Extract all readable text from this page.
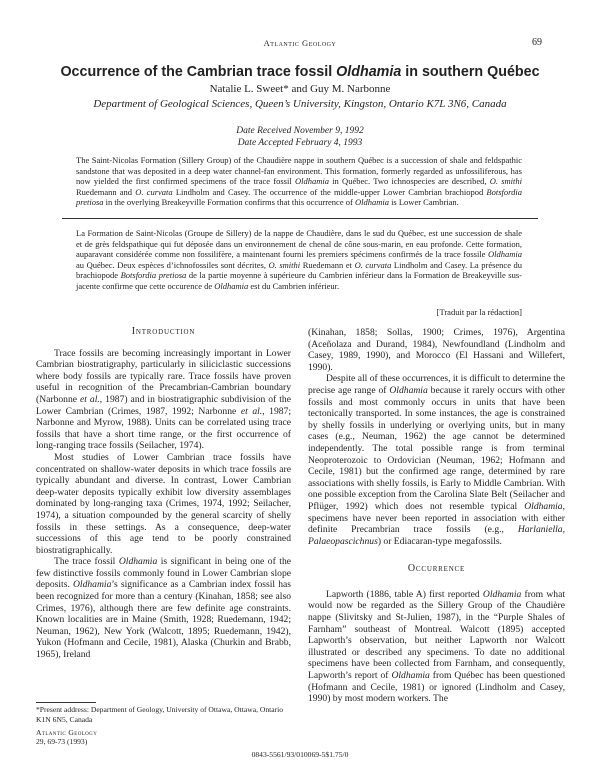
Atlantic Geology	69
Occurrence of the Cambrian trace fossil Oldhamia in southern Québec
Natalie L. Sweet* and Guy M. Narbonne
Department of Geological Sciences, Queen’s University, Kingston, Ontario K7L 3N6, Canada
Date Received November 9, 1992
Date Accepted February 4, 1993

The Saint-Nicolas Formation (Sillery Group) of the Chaudière nappe in southern Québec is a succession of shale and feldspathic sandstone that was deposited in a deep water channel-fan environment. This formation, formerly regarded as unfossiliferous, has now yielded the first confirmed specimens of the trace fossil Oldhamia in Québec. Two ichnospecies are described, O. smithi Ruedemann and O. curvata Lindholm and Casey. The occurrence of the middle-upper Lower Cambrian brachiopod Botsfordia pretiosa in the overlying Breakeyville Formation confirms that this occurrence of Oldhamia is Lower Cambrian.

La Formation de Saint-Nicolas (Groupe de Sillery) de la nappe de Chaudière, dans le sud du Québec, est une succession de shale et de grès feldspathique qui fut déposée dans un environnement de chenal de cône sous-marin, en eau profonde. Cette formation, auparavant considérée comme non fossilifère, a maintenant fourni les premiers spécimens confirmés de la trace fossile Oldhamia au Québec. Deux espèces d’ichnofossiles sont décrites, O. smithi Ruedemann et O. curvata Lindholm and Casey. La présence du brachiopode Botsfordia pretiosa de la partie moyenne à supérieure du Cambrien inférieur dans la Formation de Breakeyville sus-jacente confirme que cette occurence de Oldhamia est du Cambrien inférieur.

[Traduit par la rédaction]
Introduction

Trace fossils are becoming increasingly important in Lower Cambrian biostratigraphy, particularly in siliciclastic successions where body fossils are typically rare. Trace fossils have proven useful in recognition of the Precambrian-Cambrian boundary (Narbonne et al., 1987) and in biostratigraphic subdivision of the Lower Cambrian (Crimes, 1987, 1992; Narbonne et al., 1987; Narbonne and Myrow, 1988). Units can be correlated using trace fossils that have a short time range, or the first occurrence of long-ranging trace fossils (Seilacher, 1974).

Most studies of Lower Cambrian trace fossils have concentrated on shallow-water deposits in which trace fossils are typically abundant and diverse. In contrast, Lower Cambrian deep-water deposits typically exhibit low diversity assemblages dominated by long-ranging taxa (Crimes, 1974, 1992; Seilacher, 1974), a situation compounded by the general scarcity of shelly fossils in these settings. As a consequence, deep-water successions of this age tend to be poorly constrained biostratigraphically.

The trace fossil Oldhamia is significant in being one of the few distinctive fossils commonly found in Lower Cambrian slope deposits. Oldhamia’s significance as a Cambrian index fossil has been recognized for more than a century (Kinahan, 1858; see also Crimes, 1976), although there are few definite age constraints. Known localities are in Maine (Smith, 1928; Ruedemann, 1942; Neuman, 1962), New York (Walcott, 1895; Ruedemann, 1942), Yukon (Hofmann and Cecile, 1981), Alaska (Churkin and Brabb, 1965), Ireland

(Kinahan, 1858; Sollas, 1900; Crimes, 1976), Argentina (Aceñolaza and Durand, 1984), Newfoundland (Lindholm and Casey, 1989, 1990), and Morocco (El Hassani and Willefert, 1990).

Despite all of these occurrences, it is difficult to determine the precise age range of Oldhamia because it rarely occurs with other fossils and most commonly occurs in units that have been tectonically transported. In some instances, the age is constrained by shelly fossils in underlying or overlying units, but in many cases (e.g., Neuman, 1962) the age cannot be determined independently. The total possible range is from terminal Neoproterozoic to Ordovician (Neuman, 1962; Hofmann and Cecile, 1981) but the confirmed age range, determined by rare associations with shelly fossils, is Early to Middle Cambrian. With one possible exception from the Carolina Slate Belt (Seilacher and Pflüger, 1992) which does not resemble typical Oldhamia, specimens have never been reported in association with either definite Precambrian trace fossils (e.g., Harlaniella, Palaeopascichnus) or Ediacaran-type megafossils.

Occurrence

Lapworth (1886, table A) first reported Oldhamia from what would now be regarded as the Sillery Group of the Chaudière nappe (Slivitsky and St-Julien, 1987), in the “Purple Shales of Farnham” southeast of Montreal. Walcott (1895) accepted Lapworth’s observation, but neither Lapworth nor Walcott illustrated or described any specimens. To date no additional specimens have been collected from Farnham, and consequently, Lapworth’s report of Oldhamia from Québec has been questioned (Hofmann and Cecile, 1981) or ignored (Lindholm and Casey, 1990) by most modern workers. The

*Present address: Department of Geology, University of Ottawa, Ottawa, Ontario K1N 6N5, Canada
Atlantic Geology
29, 69-73 (1993)
0843-5561/93/010069-5$1.75/0
